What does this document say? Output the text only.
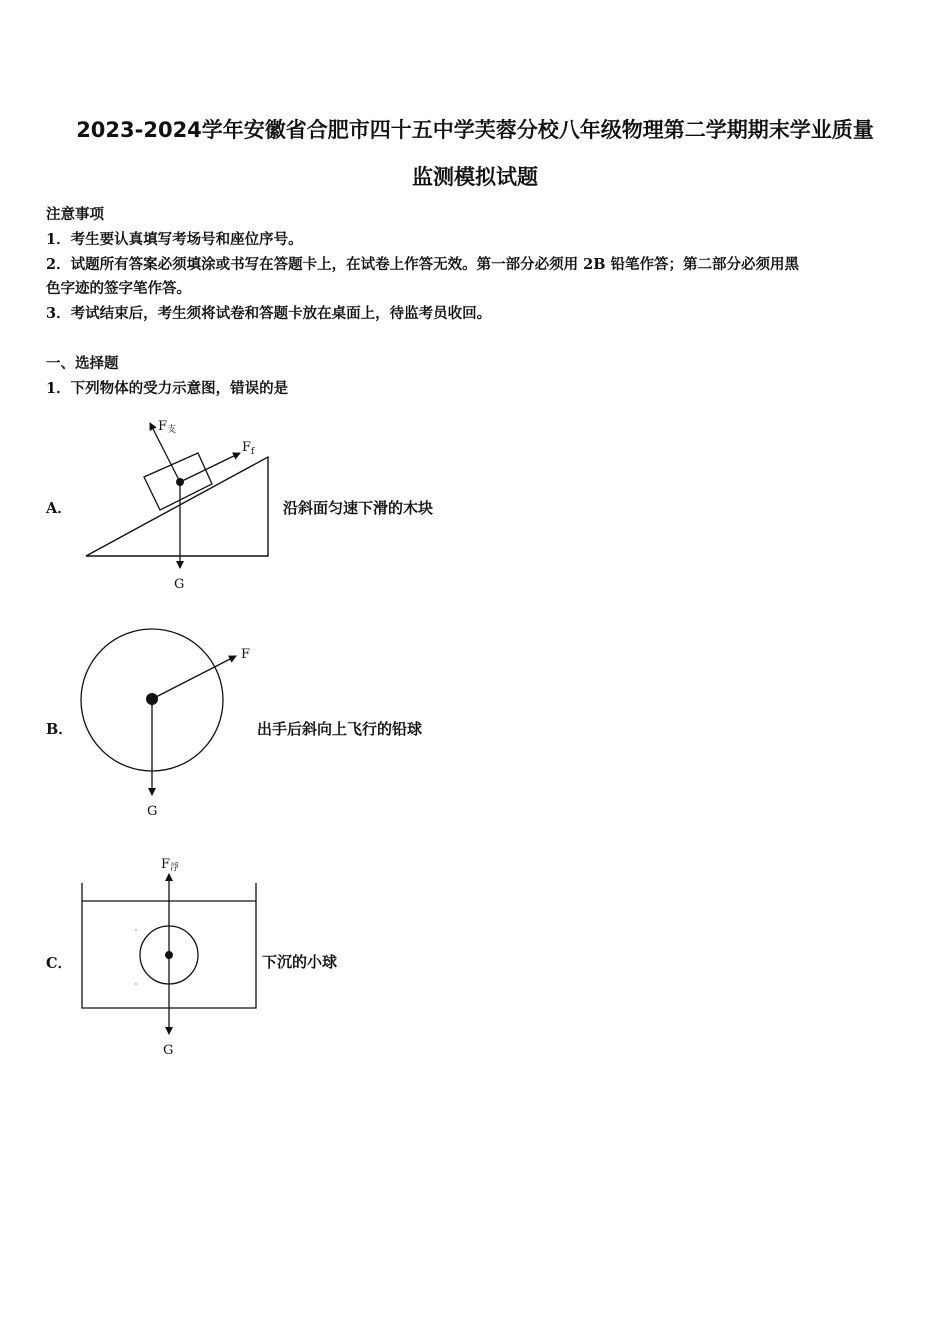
2023-2024学年安徽省合肥市四十五中学芙蓉分校八年级物理第二学期期末学业质量
监测模拟试题
注意事项
1．考生要认真填写考场号和座位序号。
2．试题所有答案必须填涂或书写在答题卡上，在试卷上作答无效。第一部分必须用 2B 铅笔作答；第二部分必须用黑
色字迹的签字笔作答。
3．考试结束后，考生须将试卷和答题卡放在桌面上，待监考员收回。
一、选择题
1．下列物体的受力示意图，错误的是
A．
F支
$F_f$
G
F
G
F浮
G
沿斜面匀速下滑的木块
B．	出手后斜向上飞行的铅球
C．	下沉的小球
